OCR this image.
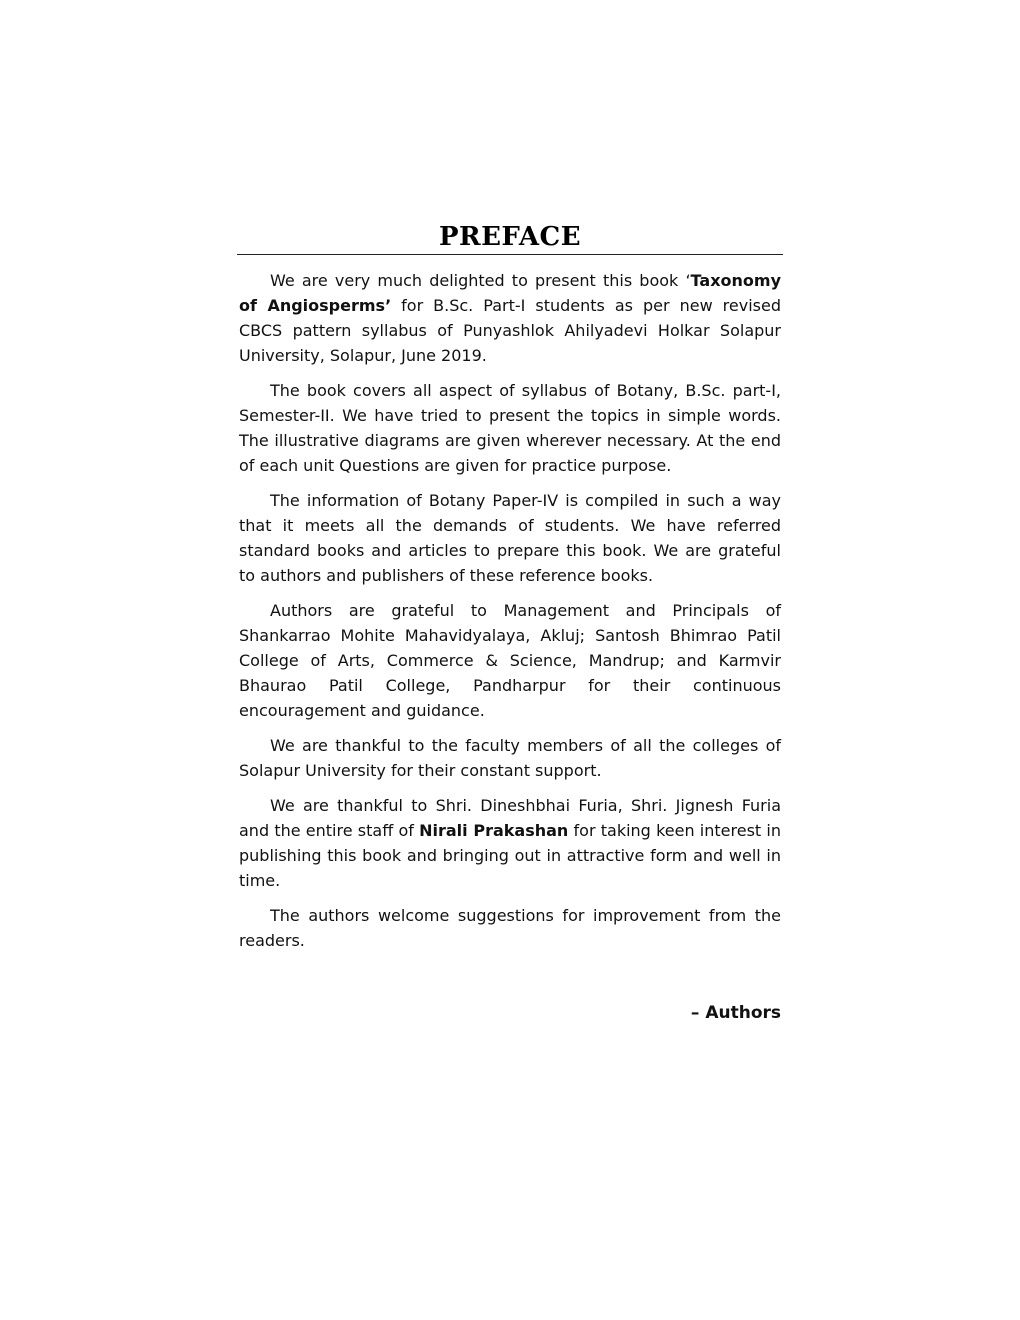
PREFACE

We are very much delighted to present this book ‘Taxonomy of Angiosperms’ for B.Sc. Part-I students as per new revised CBCS pattern syllabus of Punyashlok Ahilyadevi Holkar Solapur University, Solapur, June 2019.

The book covers all aspect of syllabus of Botany, B.Sc. part-I, Semester-II. We have tried to present the topics in simple words. The illustrative diagrams are given wherever necessary. At the end of each unit Questions are given for practice purpose.

The information of Botany Paper-IV is compiled in such a way that it meets all the demands of students. We have referred standard books and articles to prepare this book. We are grateful to authors and publishers of these reference books.

Authors are grateful to Management and Principals of Shankarrao Mohite Mahavidyalaya, Akluj; Santosh Bhimrao Patil College of Arts, Commerce & Science, Mandrup; and Karmvir Bhaurao Patil College, Pandharpur for their continuous encouragement and guidance.

We are thankful to the faculty members of all the colleges of Solapur University for their constant support.

We are thankful to Shri. Dineshbhai Furia, Shri. Jignesh Furia and the entire staff of Nirali Prakashan for taking keen interest in publishing this book and bringing out in attractive form and well in time.

The authors welcome suggestions for improvement from the readers.

– Authors
